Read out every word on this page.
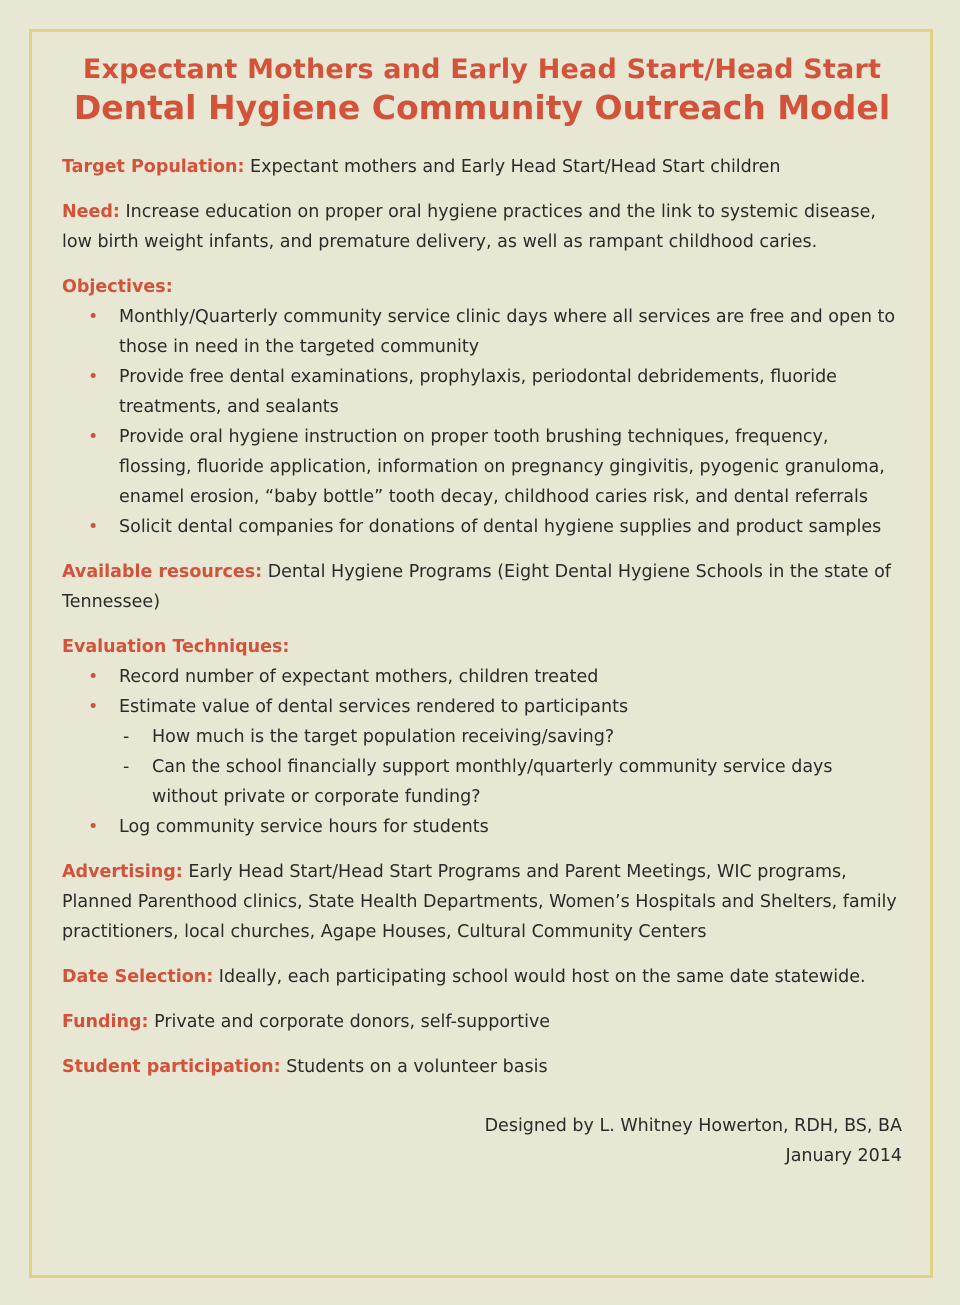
Expectant Mothers and Early Head Start/Head Start
Dental Hygiene Community Outreach Model
Target Population: Expectant mothers and Early Head Start/Head Start children
Need: Increase education on proper oral hygiene practices and the link to systemic disease, low birth weight infants, and premature delivery, as well as rampant childhood caries.
Objectives:
• Monthly/Quarterly community service clinic days where all services are free and open to those in need in the targeted community
• Provide free dental examinations, prophylaxis, periodontal debridements, fluoride treatments, and sealants
• Provide oral hygiene instruction on proper tooth brushing techniques, frequency, flossing, fluoride application, information on pregnancy gingivitis, pyogenic granuloma, enamel erosion, “baby bottle” tooth decay, childhood caries risk, and dental referrals
• Solicit dental companies for donations of dental hygiene supplies and product samples
Available resources: Dental Hygiene Programs (Eight Dental Hygiene Schools in the state of Tennessee)
Evaluation Techniques:
• Record number of expectant mothers, children treated
• Estimate value of dental services rendered to participants
- How much is the target population receiving/saving?
- Can the school financially support monthly/quarterly community service days without private or corporate funding?
• Log community service hours for students
Advertising: Early Head Start/Head Start Programs and Parent Meetings, WIC programs, Planned Parenthood clinics, State Health Departments, Women’s Hospitals and Shelters, family practitioners, local churches, Agape Houses, Cultural Community Centers
Date Selection: Ideally, each participating school would host on the same date statewide.
Funding: Private and corporate donors, self-supportive
Student participation: Students on a volunteer basis
Designed by L. Whitney Howerton, RDH, BS, BA
January 2014
